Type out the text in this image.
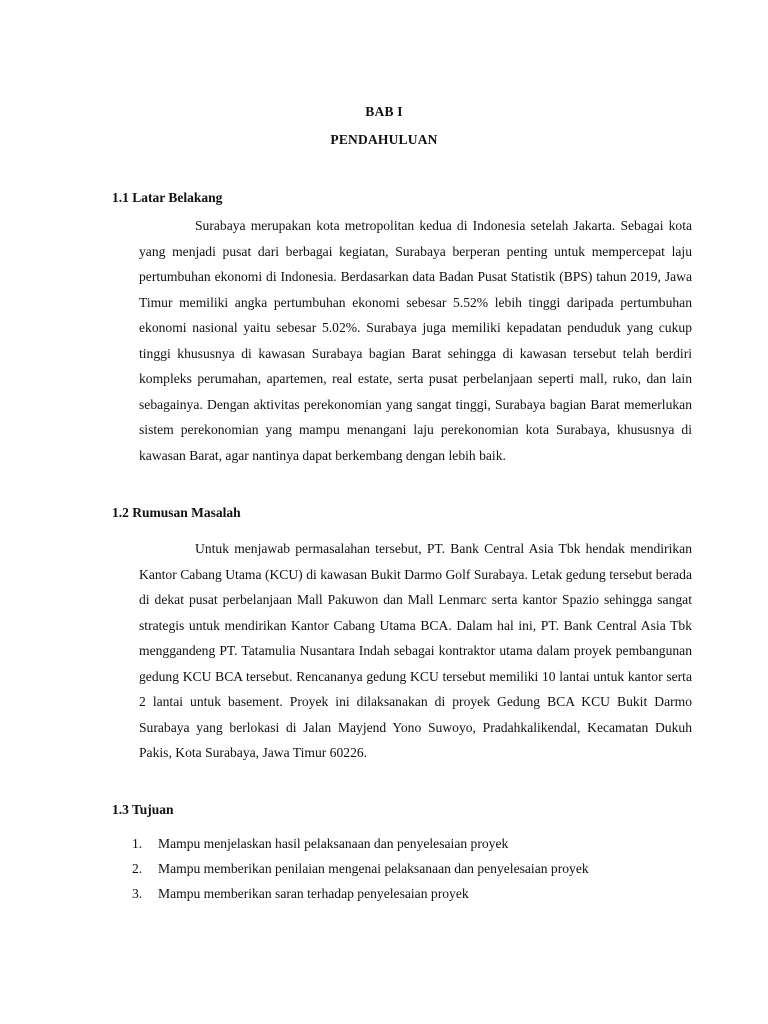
BAB I
PENDAHULUAN
1.1 Latar Belakang

Surabaya merupakan kota metropolitan kedua di Indonesia setelah Jakarta. Sebagai kota yang menjadi pusat dari berbagai kegiatan, Surabaya berperan penting untuk mempercepat laju pertumbuhan ekonomi di Indonesia. Berdasarkan data Badan Pusat Statistik (BPS) tahun 2019, Jawa Timur memiliki angka pertumbuhan ekonomi sebesar 5.52% lebih tinggi daripada pertumbuhan ekonomi nasional yaitu sebesar 5.02%. Surabaya juga memiliki kepadatan penduduk yang cukup tinggi khususnya di kawasan Surabaya bagian Barat sehingga di kawasan tersebut telah berdiri kompleks perumahan, apartemen, real estate, serta pusat perbelanjaan seperti mall, ruko, dan lain sebagainya. Dengan aktivitas perekonomian yang sangat tinggi, Surabaya bagian Barat memerlukan sistem perekonomian yang mampu menangani laju perekonomian kota Surabaya, khususnya di kawasan Barat, agar nantinya dapat berkembang dengan lebih baik.

1.2 Rumusan Masalah

Untuk menjawab permasalahan tersebut, PT. Bank Central Asia Tbk hendak mendirikan Kantor Cabang Utama (KCU) di kawasan Bukit Darmo Golf Surabaya. Letak gedung tersebut berada di dekat pusat perbelanjaan Mall Pakuwon dan Mall Lenmarc serta kantor Spazio sehingga sangat strategis untuk mendirikan Kantor Cabang Utama BCA. Dalam hal ini, PT. Bank Central Asia Tbk menggandeng PT. Tatamulia Nusantara Indah sebagai kontraktor utama dalam proyek pembangunan gedung KCU BCA tersebut. Rencananya gedung KCU tersebut memiliki 10 lantai untuk kantor serta 2 lantai untuk basement. Proyek ini dilaksanakan di proyek Gedung BCA KCU Bukit Darmo Surabaya yang berlokasi di Jalan Mayjend Yono Suwoyo, Pradahkalikendal, Kecamatan Dukuh Pakis, Kota Surabaya, Jawa Timur 60226.

1.3 Tujuan
1.	Mampu menjelaskan hasil pelaksanaan dan penyelesaian proyek
2.	Mampu memberikan penilaian mengenai pelaksanaan dan penyelesaian proyek
3.	Mampu memberikan saran terhadap penyelesaian proyek
